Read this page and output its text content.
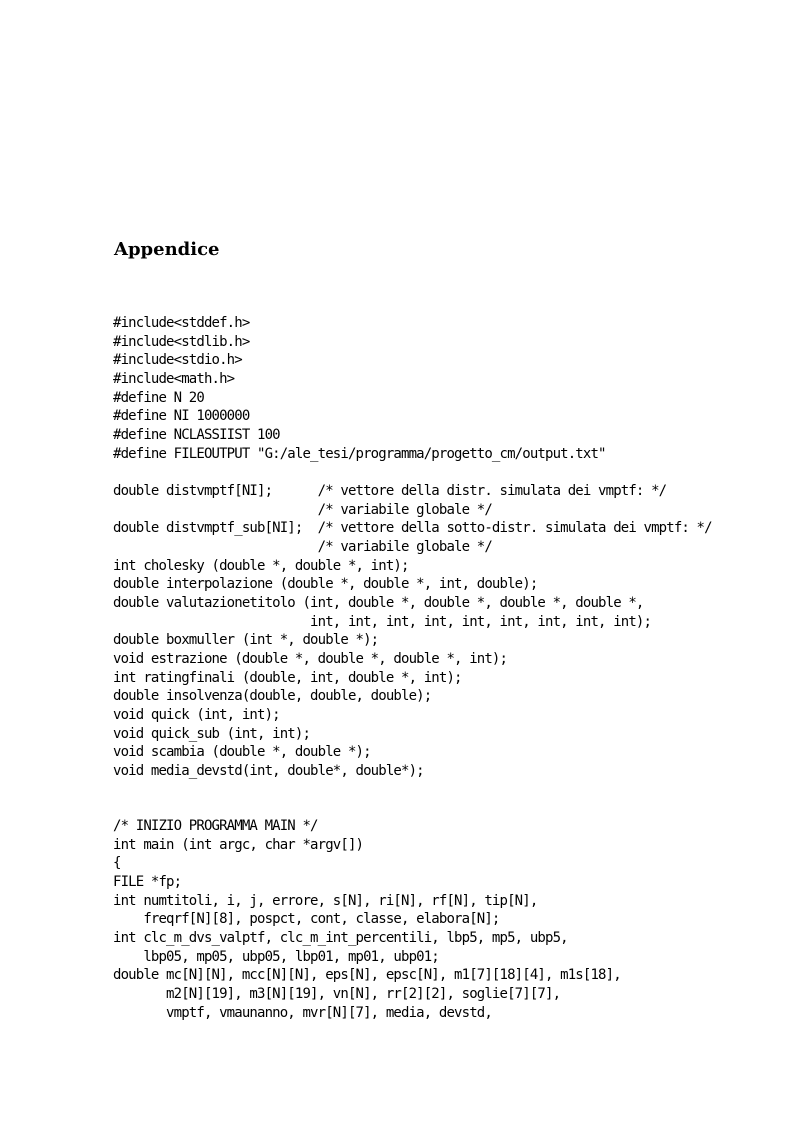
Appendice
#include<stddef.h>
#include<stdlib.h>
#include<stdio.h>
#include<math.h>
#define N 20
#define NI 1000000
#define NCLASSIIST 100
#define FILEOUTPUT "G:/ale_tesi/programma/progetto_cm/output.txt"
double distvmptf[NI];      /* vettore della distr. simulata dei vmptf: */
/* variabile globale */
double distvmptf_sub[NI];  /* vettore della sotto-distr. simulata dei vmptf: */
/* variabile globale */
int cholesky (double *, double *, int);
double interpolazione (double *, double *, int, double);
double valutazionetitolo (int, double *, double *, double *, double *,
int, int, int, int, int, int, int, int, int);
double boxmuller (int *, double *);
void estrazione (double *, double *, double *, int);
int ratingfinali (double, int, double *, int);
double insolvenza(double, double, double);
void quick (int, int);
void quick_sub (int, int);
void scambia (double *, double *);
void media_devstd(int, double*, double*);
/* INIZIO PROGRAMMA MAIN */
int main (int argc, char *argv[])
{
FILE *fp;
int numtitoli, i, j, errore, s[N], ri[N], rf[N], tip[N],
freqrf[N][8], pospct, cont, classe, elabora[N];
int clc_m_dvs_valptf, clc_m_int_percentili, lbp5, mp5, ubp5,
lbp05, mp05, ubp05, lbp01, mp01, ubp01;
double mc[N][N], mcc[N][N], eps[N], epsc[N], m1[7][18][4], m1s[18],
m2[N][19], m3[N][19], vn[N], rr[2][2], soglie[7][7],
vmptf, vmaunanno, mvr[N][7], media, devstd,
